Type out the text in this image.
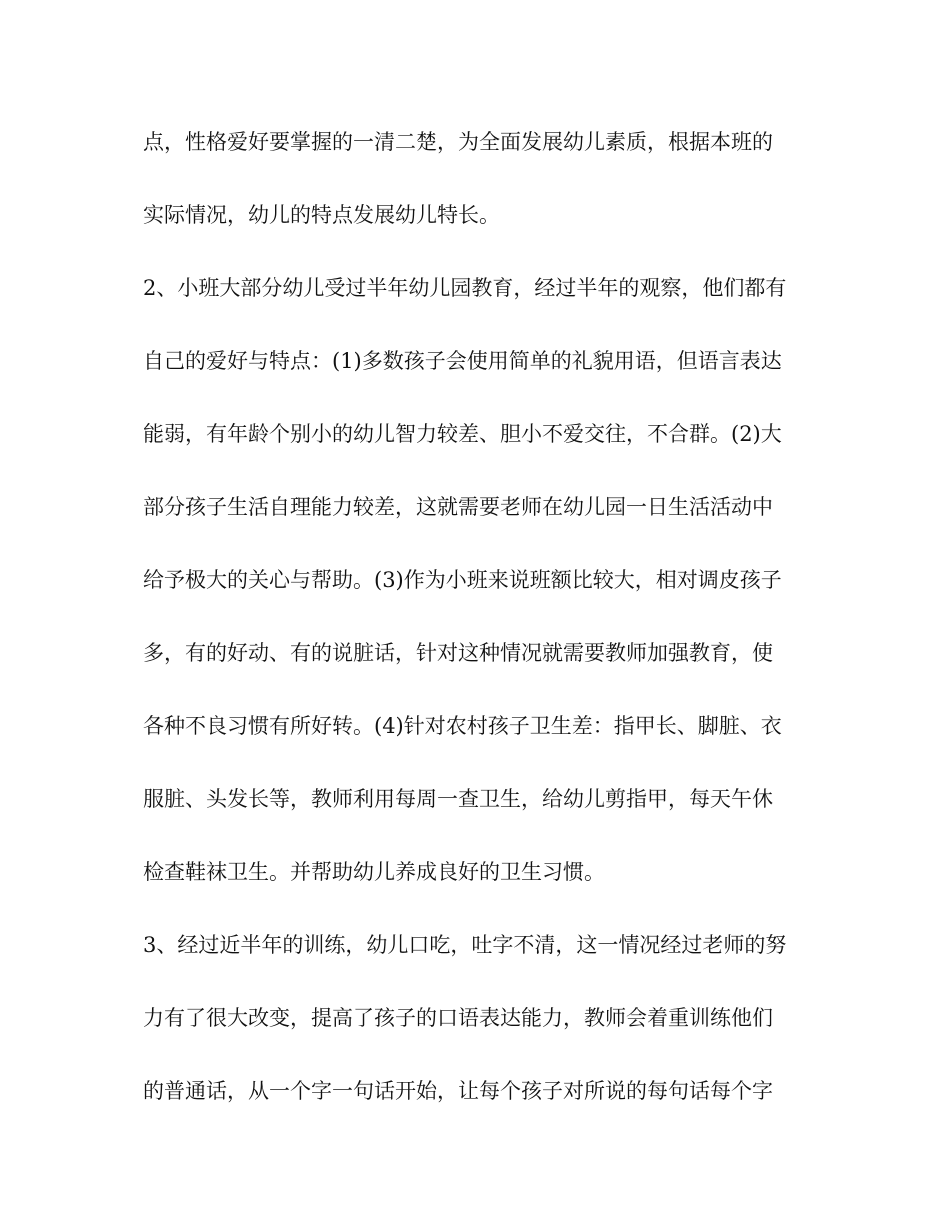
点，性格爱好要掌握的一清二楚，为全面发展幼儿素质，根据本班的
实际情况，幼儿的特点发展幼儿特长。
2、小班大部分幼儿受过半年幼儿园教育，经过半年的观察，他们都有
自己的爱好与特点：(1)多数孩子会使用简单的礼貌用语，但语言表达
能弱，有年龄个别小的幼儿智力较差、胆小不爱交往，不合群。(2)大
部分孩子生活自理能力较差，这就需要老师在幼儿园一日生活活动中
给予极大的关心与帮助。(3)作为小班来说班额比较大，相对调皮孩子
多，有的好动、有的说脏话，针对这种情况就需要教师加强教育，使
各种不良习惯有所好转。(4)针对农村孩子卫生差：指甲长、脚脏、衣
服脏、头发长等，教师利用每周一查卫生，给幼儿剪指甲，每天午休
检查鞋袜卫生。并帮助幼儿养成良好的卫生习惯。
3、经过近半年的训练，幼儿口吃，吐字不清，这一情况经过老师的努
力有了很大改变，提高了孩子的口语表达能力，教师会着重训练他们
的普通话，从一个字一句话开始，让每个孩子对所说的每句话每个字
